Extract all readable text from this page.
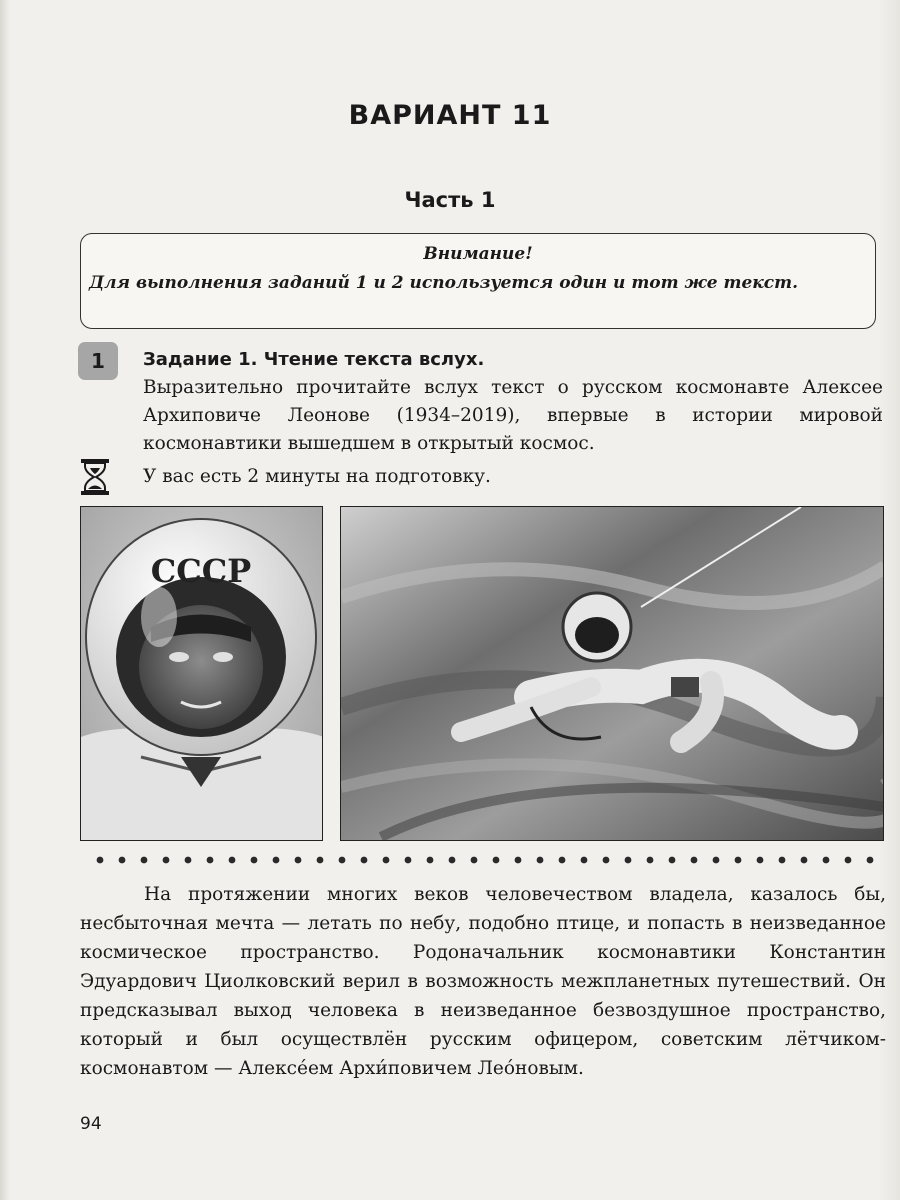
ВАРИАНТ 11
Часть 1
Внимание!
Для выполнения заданий 1 и 2 используется один и тот же текст.
1	Задание 1. Чтение текста вслух.
Выразительно прочитайте вслух текст о русском космонавте Алексее Архиповиче Леонове (1934–2019), впервые в истории мировой космонавтики вышедшем в открытый космос.
У вас есть 2 минуты на подготовку.
СССР

На протяжении многих веков человечеством владела, казалось бы, несбыточная мечта — летать по небу, подобно птице, и попасть в неизведанное космическое пространство. Родоначальник космонавтики Константин Эдуардович Циолковский верил в возможность межпланетных путешествий. Он предсказывал выход человека в неизведанное безвоздушное пространство, который и был осуществлён русским офицером, советским лётчиком-космонавтом — Алексе́ем Архи́повичем Лео́новым.

94
